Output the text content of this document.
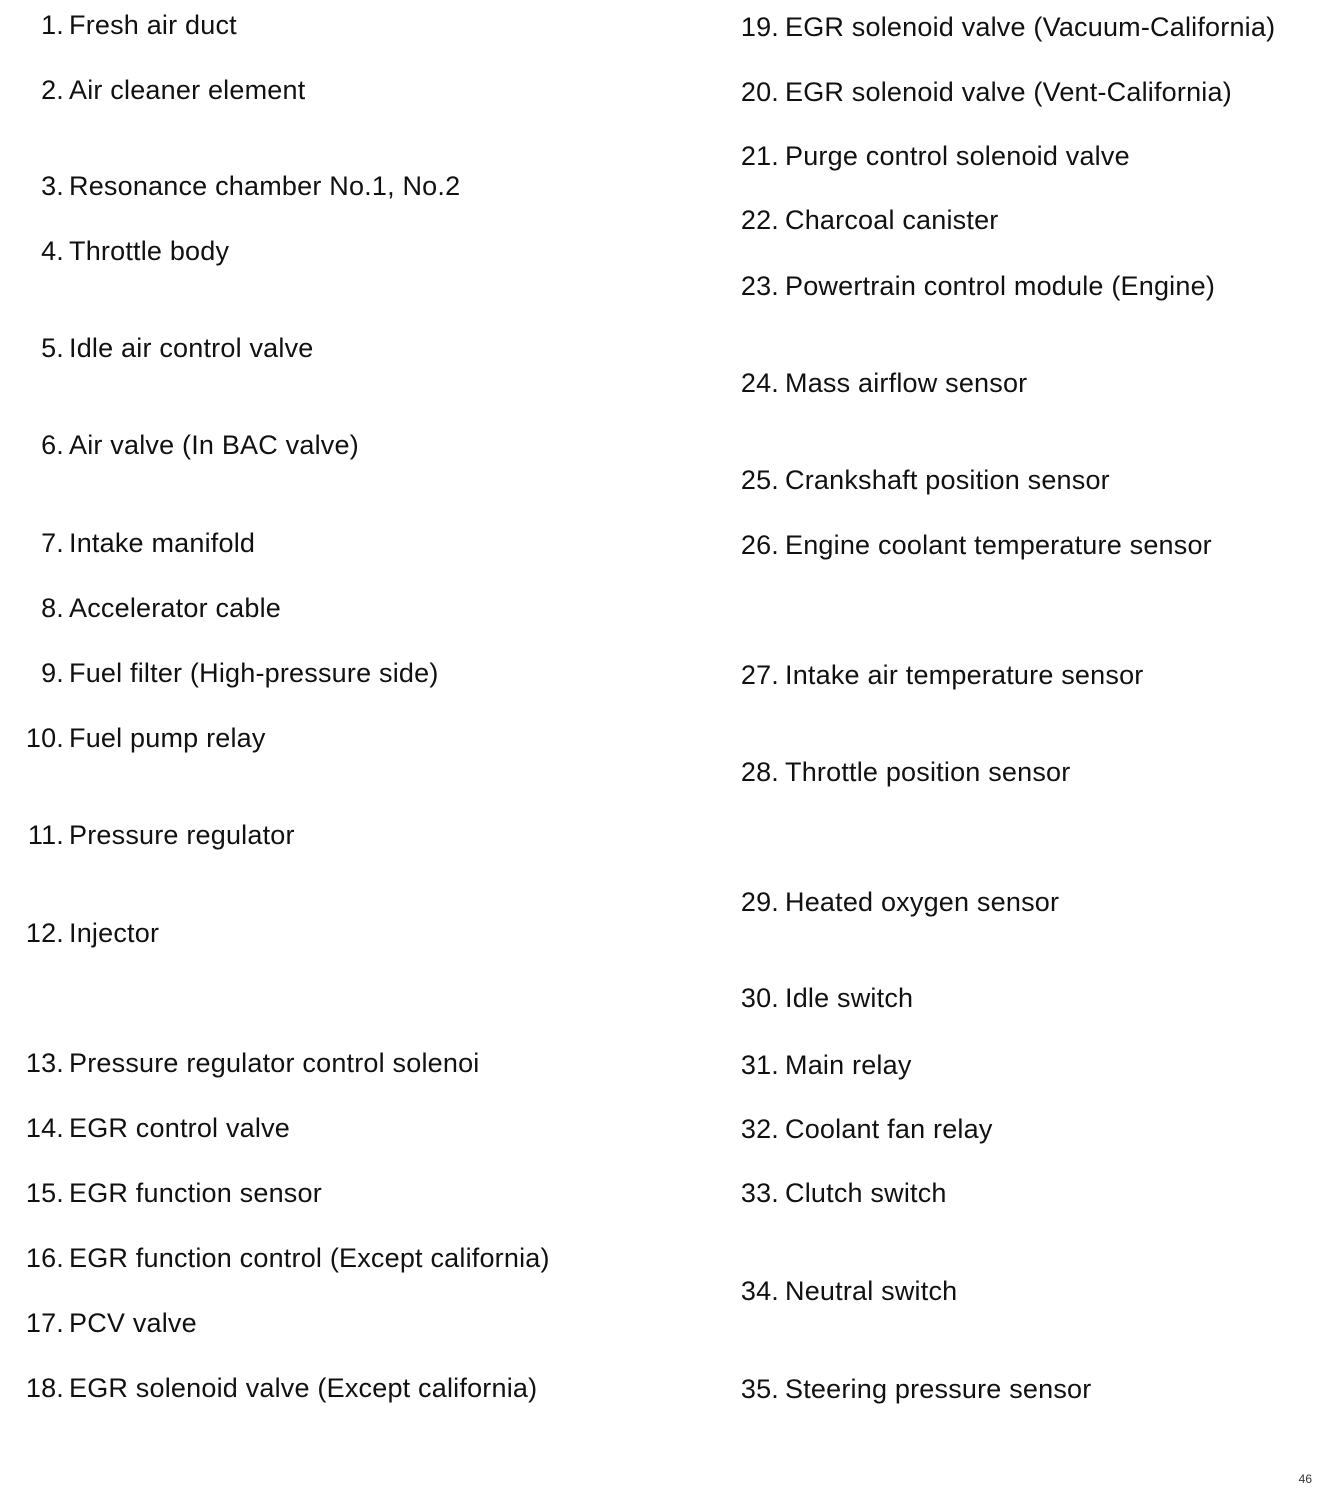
1. Fresh air duct
2. Air cleaner element
3. Resonance chamber No.1, No.2
4. Throttle body
5. Idle air control valve
6. Air valve (In BAC valve)
7. Intake manifold
8. Accelerator cable
9. Fuel filter (High-pressure side)
10. Fuel pump relay
11. Pressure regulator
12. Injector
13. Pressure regulator control solenoi
14. EGR control valve
15. EGR function sensor
16. EGR function control (Except california)
17. PCV valve
18. EGR solenoid valve (Except california)
19. EGR solenoid valve (Vacuum-California)
20. EGR solenoid valve (Vent-California)
21. Purge control solenoid valve
22. Charcoal canister
23. Powertrain control module (Engine)
24. Mass airflow sensor
25. Crankshaft position sensor
26. Engine coolant temperature sensor
27. Intake air temperature sensor
28. Throttle position sensor
29. Heated oxygen sensor
30. Idle switch
31. Main relay
32. Coolant fan relay
33. Clutch switch
34. Neutral switch
35. Steering pressure sensor
46
